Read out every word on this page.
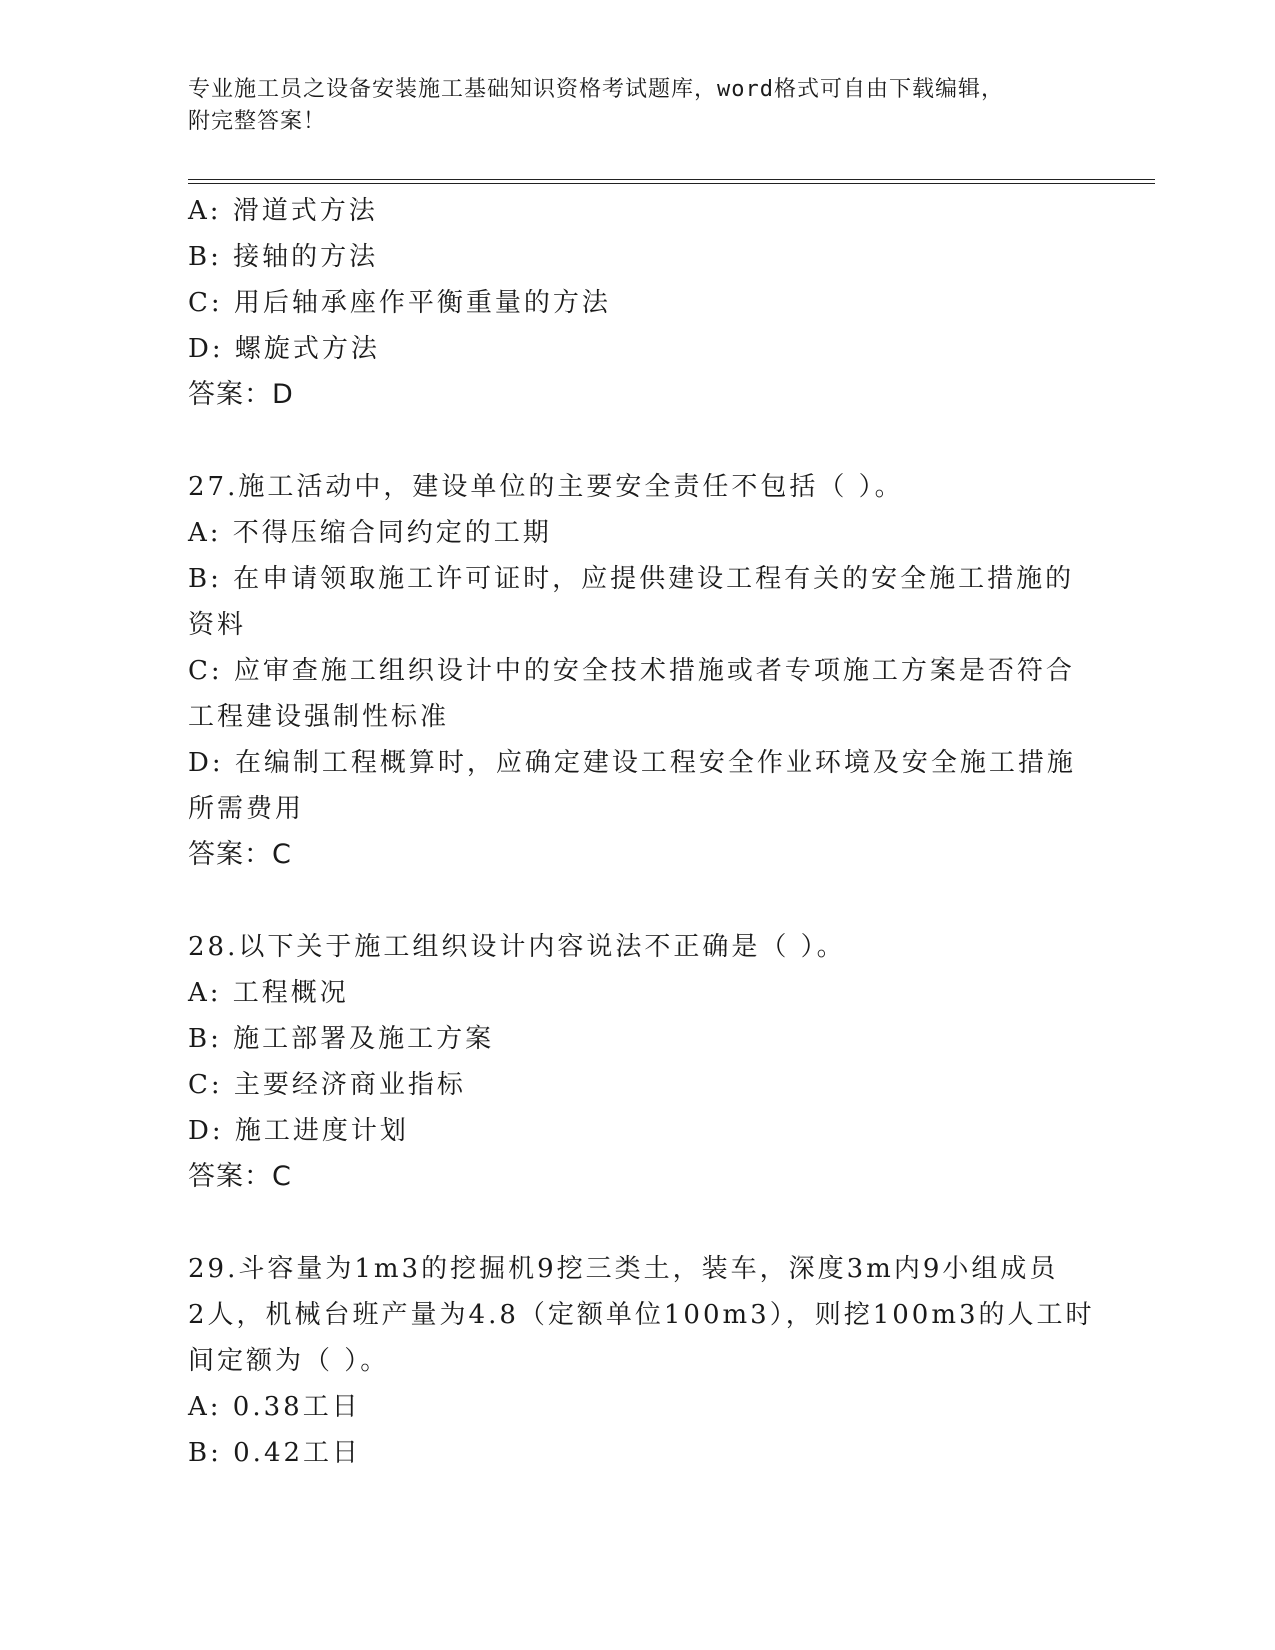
专业施工员之设备安装施工基础知识资格考试题库，word格式可自由下载编辑，
附完整答案！
A: 滑道式方法
B: 接轴的方法
C: 用后轴承座作平衡重量的方法
D: 螺旋式方法
答案：D
27.施工活动中，建设单位的主要安全责任不包括（ ）。
A: 不得压缩合同约定的工期
B: 在申请领取施工许可证时，应提供建设工程有关的安全施工措施的
资料
C: 应审查施工组织设计中的安全技术措施或者专项施工方案是否符合
工程建设强制性标准
D: 在编制工程概算时，应确定建设工程安全作业环境及安全施工措施
所需费用
答案：C
28.以下关于施工组织设计内容说法不正确是（ ）。
A: 工程概况
B: 施工部署及施工方案
C: 主要经济商业指标
D: 施工进度计划
答案：C
29.斗容量为1m3的挖掘机9挖三类土，装车，深度3m内9小组成员
2人，机械台班产量为4.8（定额单位100m3），则挖100m3的人工时
间定额为（ ）。
A: 0.38工日
B: 0.42工日
